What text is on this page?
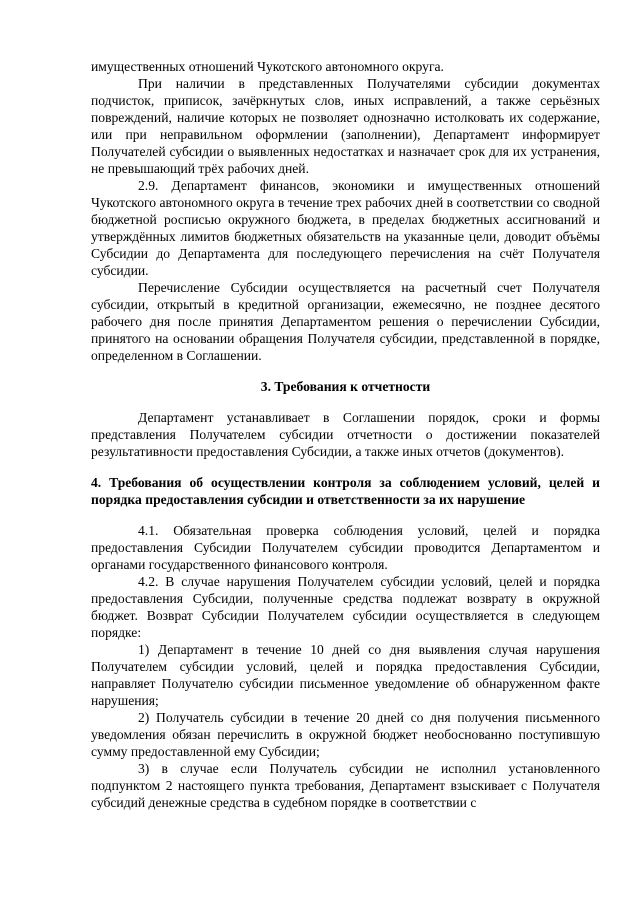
имущественных отношений Чукотского автономного округа.

При наличии в представленных Получателями субсидии документах подчисток, приписок, зачёркнутых слов, иных исправлений, а также серьёзных повреждений, наличие которых не позволяет однозначно истолковать их содержание, или при неправильном оформлении (заполнении), Департамент информирует Получателей субсидии о выявленных недостатках и назначает срок для их устранения, не превышающий трёх рабочих дней.

2.9. Департамент финансов, экономики и имущественных отношений Чукотского автономного округа в течение трех рабочих дней в соответствии со сводной бюджетной росписью окружного бюджета, в пределах бюджетных ассигнований и утверждённых лимитов бюджетных обязательств на указанные цели, доводит объёмы Субсидии до Департамента для последующего перечисления на счёт Получателя субсидии.

Перечисление Субсидии осуществляется на расчетный счет Получателя субсидии, открытый в кредитной организации, ежемесячно, не позднее десятого рабочего дня после принятия Департаментом решения о перечислении Субсидии, принятого на основании обращения Получателя субсидии, представленной в порядке, определенном в Соглашении.

3. Требования к отчетности

Департамент устанавливает в Соглашении порядок, сроки и формы представления Получателем субсидии отчетности о достижении показателей результативности предоставления Субсидии, а также иных отчетов (документов).

4. Требования об осуществлении контроля за соблюдением условий, целей и порядка предоставления субсидии и ответственности за их нарушение

4.1. Обязательная проверка соблюдения условий, целей и порядка предоставления Субсидии Получателем субсидии проводится Департаментом и органами государственного финансового контроля.

4.2. В случае нарушения Получателем субсидии условий, целей и порядка предоставления Субсидии, полученные средства подлежат возврату в окружной бюджет. Возврат Субсидии Получателем субсидии осуществляется в следующем порядке:

1) Департамент в течение 10 дней со дня выявления случая нарушения Получателем субсидии условий, целей и порядка предоставления Субсидии, направляет Получателю субсидии письменное уведомление об обнаруженном факте нарушения;

2) Получатель субсидии в течение 20 дней со дня получения письменного уведомления обязан перечислить в окружной бюджет необоснованно поступившую сумму предоставленной ему Субсидии;

3) в случае если Получатель субсидии не исполнил установленного подпунктом 2 настоящего пункта требования, Департамент взыскивает с Получателя субсидий денежные средства в судебном порядке в соответствии с
